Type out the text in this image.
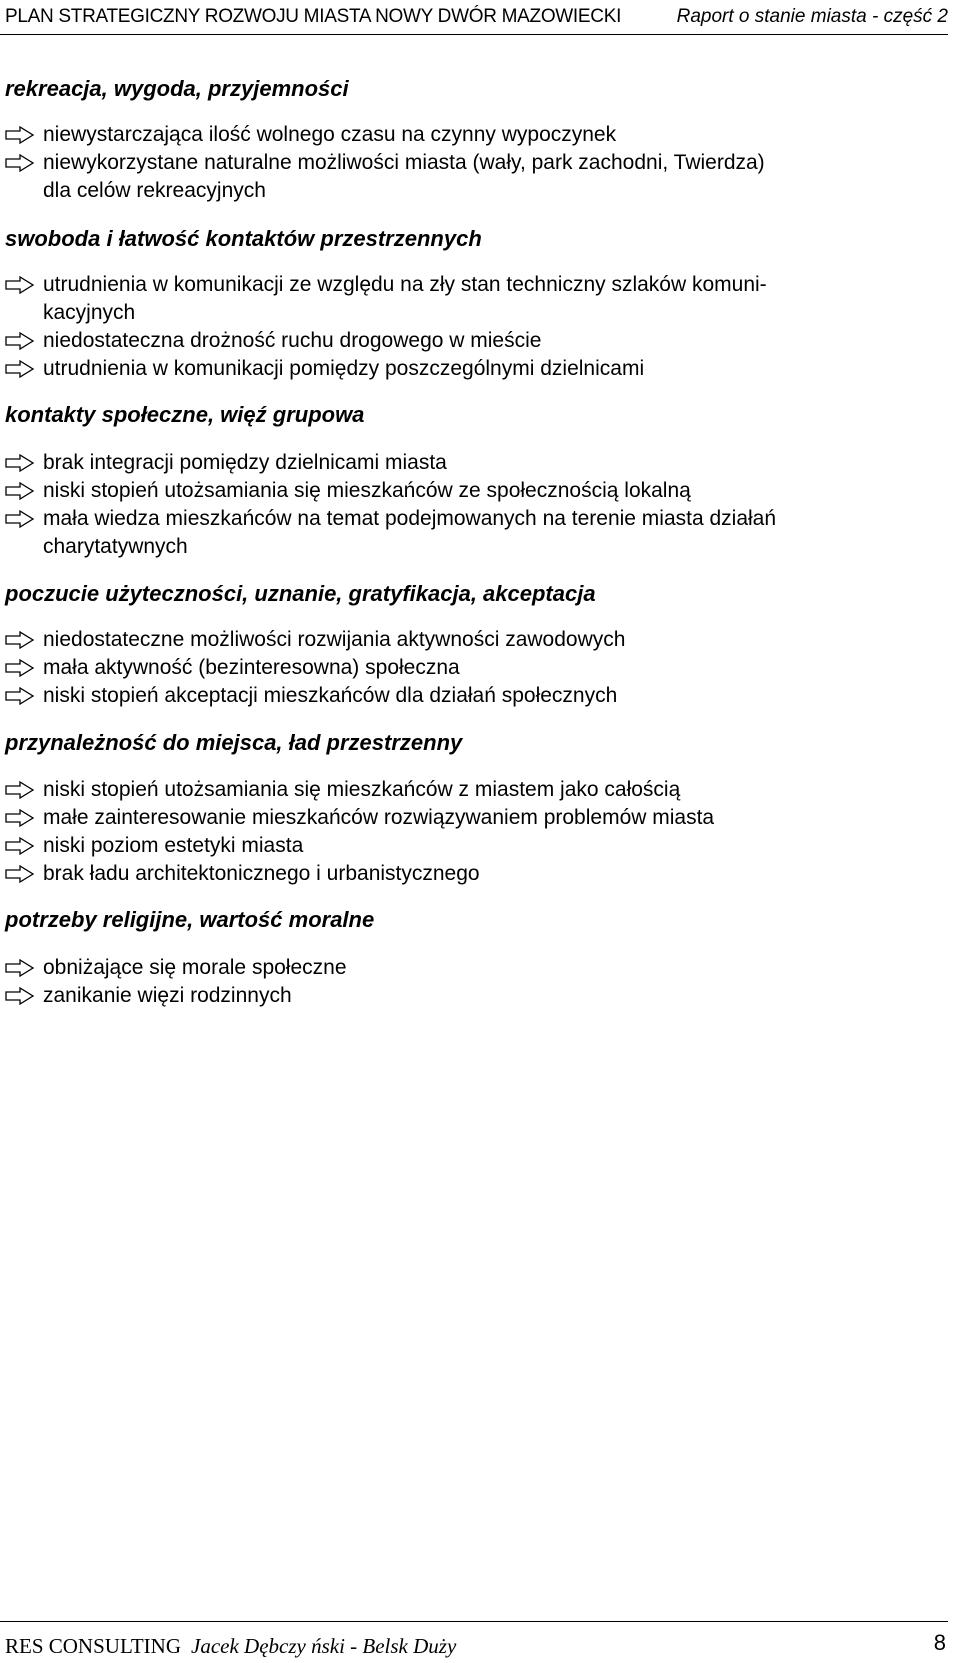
PLAN STRATEGICZNY ROZWOJU MIASTA NOWY DWÓR MAZOWIECKI	Raport o stanie miasta - część 2
rekreacja, wygoda, przyjemności
niewystarczająca ilość wolnego czasu na czynny wypoczynek
niewykorzystane naturalne możliwości miasta (wały, park zachodni, Twierdza)
dla celów rekreacyjnych
swoboda i łatwość kontaktów przestrzennych
utrudnienia w komunikacji ze względu na zły stan techniczny szlaków komuni-
kacyjnych
niedostateczna drożność ruchu drogowego w mieście
utrudnienia w komunikacji pomiędzy poszczególnymi dzielnicami
kontakty społeczne, więź grupowa
brak integracji pomiędzy dzielnicami miasta
niski stopień utożsamiania się mieszkańców ze społecznością lokalną
mała wiedza mieszkańców na temat podejmowanych na terenie miasta działań
charytatywnych
poczucie użyteczności, uznanie, gratyfikacja, akceptacja
niedostateczne możliwości rozwijania aktywności zawodowych
mała aktywność (bezinteresowna) społeczna
niski stopień akceptacji mieszkańców dla działań społecznych
przynależność do miejsca, ład przestrzenny
niski stopień utożsamiania się mieszkańców z miastem jako całością
małe zainteresowanie mieszkańców rozwiązywaniem problemów miasta
niski poziom estetyki miasta
brak ładu architektonicznego i urbanistycznego
potrzeby religijne, wartość moralne
obniżające się morale społeczne
zanikanie więzi rodzinnych
RES CONSULTING Jacek Dębczy ński - Belsk Duży	8
